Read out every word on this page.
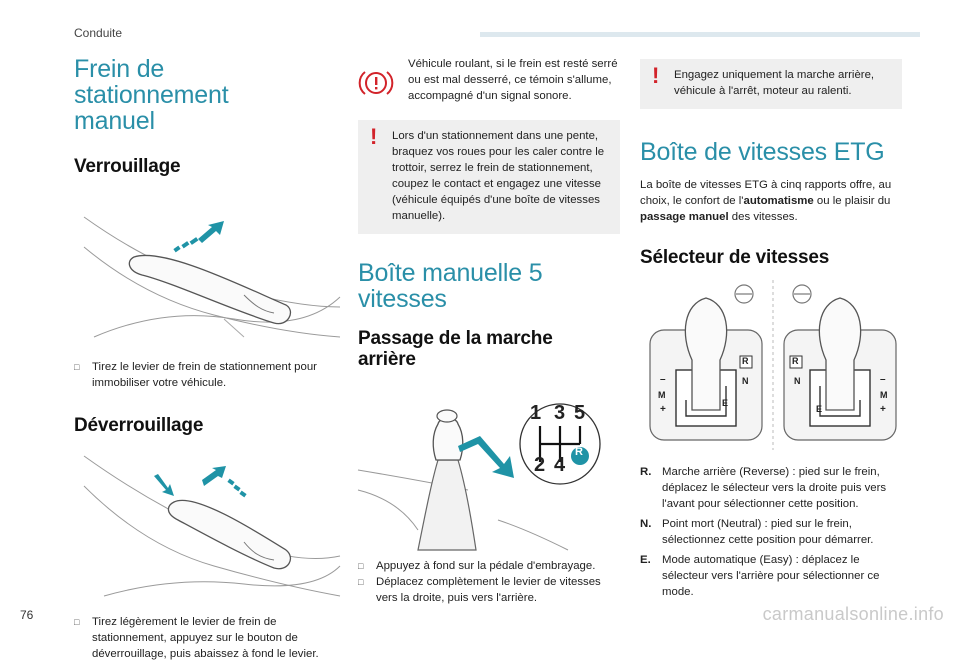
Conduite
Frein de stationnement manuel
Verrouillage
□	Tirez le levier de frein de stationnement pour immobiliser votre véhicule.
Déverrouillage
□	Tirez légèrement le levier de frein de stationnement, appuyez sur le bouton de déverrouillage, puis abaissez à fond le levier.
Véhicule roulant, si le frein est resté serré ou est mal desserré, ce témoin s'allume, accompagné d'un signal sonore.
! Lors d'un stationnement dans une pente, braquez vos roues pour les caler contre le trottoir, serrez le frein de stationnement, coupez le contact et engagez une vitesse (véhicule équipés d'une boîte de vitesses manuelle).
Boîte manuelle 5 vitesses
Passage de la marche arrière
1 3 5
2 4
R
□	Appuyez à fond sur la pédale d'embrayage.
□	Déplacez complètement le levier de vitesses vers la droite, puis vers l'arrière.
! Engagez uniquement la marche arrière, véhicule à l'arrêt, moteur au ralenti.
Boîte de vitesses ETG
La boîte de vitesses ETG à cinq rapports offre, au choix, le confort de l'automatisme ou le plaisir du passage manuel des vitesses.
Sélecteur de vitesses
R
N
–
M
+
E
R
N	–
M
+
E
R. Marche arrière (Reverse) : pied sur le frein, déplacez le sélecteur vers la droite puis vers l'avant pour sélectionner cette position.
N. Point mort (Neutral) : pied sur le frein, sélectionnez cette position pour démarrer.
E. Mode automatique (Easy) : déplacez le sélecteur vers l'arrière pour sélectionner ce mode.
76	carmanualsonline.info
